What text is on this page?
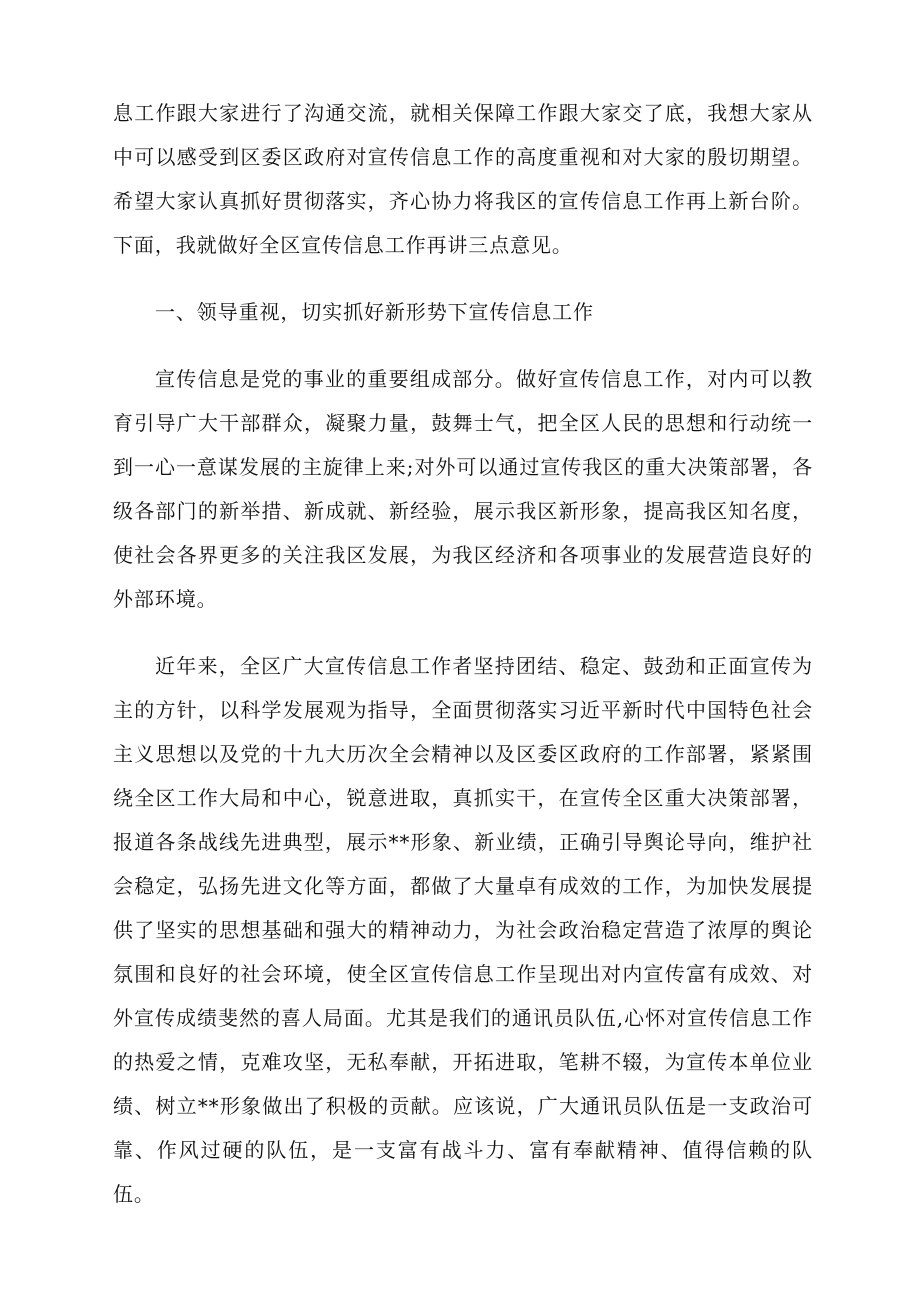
息工作跟大家进行了沟通交流，就相关保障工作跟大家交了底，我想大家从中可以感受到区委区政府对宣传信息工作的高度重视和对大家的殷切期望。希望大家认真抓好贯彻落实，齐心协力将我区的宣传信息工作再上新台阶。下面，我就做好全区宣传信息工作再讲三点意见。

一、领导重视，切实抓好新形势下宣传信息工作

宣传信息是党的事业的重要组成部分。做好宣传信息工作，对内可以教育引导广大干部群众，凝聚力量，鼓舞士气，把全区人民的思想和行动统一到一心一意谋发展的主旋律上来;对外可以通过宣传我区的重大决策部署，各级各部门的新举措、新成就、新经验，展示我区新形象，提高我区知名度，使社会各界更多的关注我区发展，为我区经济和各项事业的发展营造良好的外部环境。

近年来，全区广大宣传信息工作者坚持团结、稳定、鼓劲和正面宣传为主的方针，以科学发展观为指导，全面贯彻落实习近平新时代中国特色社会主义思想以及党的十九大历次全会精神以及区委区政府的工作部署，紧紧围绕全区工作大局和中心，锐意进取，真抓实干，在宣传全区重大决策部署，报道各条战线先进典型，展示**形象、新业绩，正确引导舆论导向，维护社会稳定，弘扬先进文化等方面，都做了大量卓有成效的工作，为加快发展提供了坚实的思想基础和强大的精神动力，为社会政治稳定营造了浓厚的舆论氛围和良好的社会环境，使全区宣传信息工作呈现出对内宣传富有成效、对外宣传成绩斐然的喜人局面。尤其是我们的通讯员队伍,心怀对宣传信息工作的热爱之情，克难攻坚，无私奉献，开拓进取，笔耕不辍，为宣传本单位业绩、树立**形象做出了积极的贡献。应该说，广大通讯员队伍是一支政治可靠、作风过硬的队伍，是一支富有战斗力、富有奉献精神、值得信赖的队伍。
